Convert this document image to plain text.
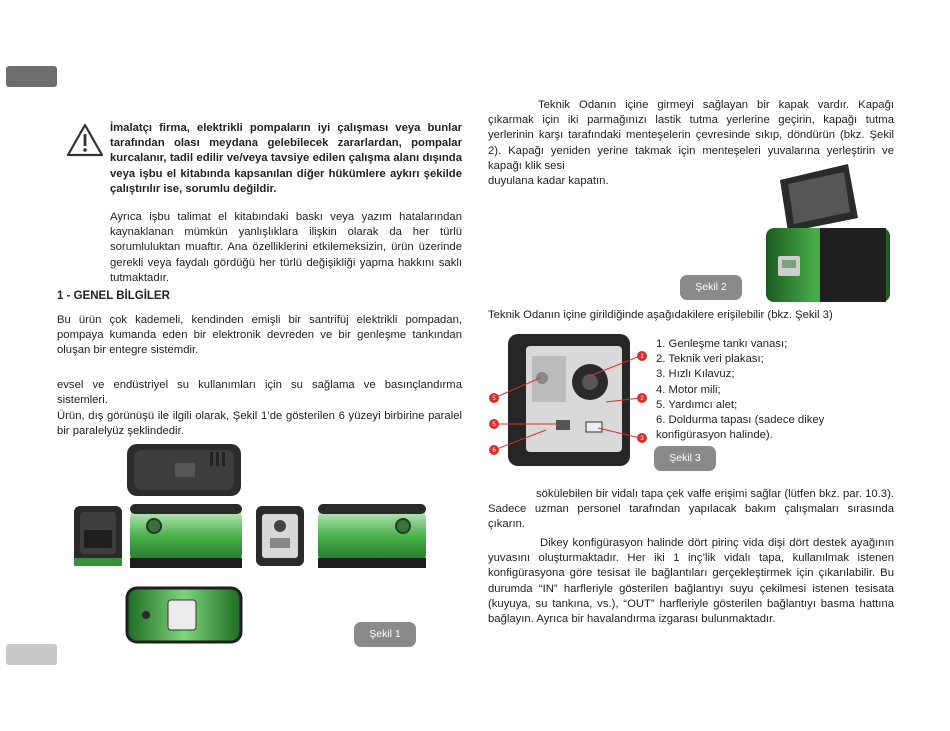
İmalatçı firma, elektrikli pompaların iyi çalışması veya bunlar tarafından olası meydana gelebilecek zararlardan, pompalar kurcalanır, tadil edilir ve/veya tavsiye edilen çalışma alanı dışında veya işbu el kitabında kapsanılan diğer hükümlere aykırı şekilde çalıştırılır ise, sorumlu değildir.
Ayrıca işbu talimat el kitabındaki baskı veya yazım hatalarından kaynaklanan mümkün yanlışlıklara ilişkin olarak da her türlü sorumluluktan muaftır. Ana özelliklerini etkilemeksizin, ürün üzerinde gerekli veya faydalı gördüğü her türlü değişikliği yapma hakkını saklı tutmaktadır.
1 - GENEL BİLGİLER

Bu ürün çok kademeli, kendinden emişli bir santrifüj elektrikli pompadan, pompaya kumanda eden bir elektronik devreden ve bir genleşme tankından oluşan bir entegre sistemdir.

evsel ve endüstriyel su kullanımları için su sağlama ve basınçlandırma sistemleri.

Ürün, dış görünüşü ile ilgili olarak, Şekil 1’de gösterilen 6 yüzeyi birbirine paralel bir paralelyüz şeklindedir.

Şekil 1

Teknik Odanın içine girmeyi sağlayan bir kapak vardır. Kapağı çıkarmak için iki parmağınızı lastik tutma yerlerine geçirin, kapağı tutma yerlerinin karşı tarafındaki menteşelerin çevresinde sıkıp, döndürün (bkz. Şekil 2). Kapağı yeniden yerine takmak için menteşeleri yuvalarına yerleştirin ve kapağı klik sesi

duyulana kadar kapatın.

Şekil 2

Teknik Odanın içine girildiğinde aşağıdakilere erişilebilir (bkz. Şekil 3)

5
5
6
1
2
3
1. Genleşme tankı vanası;
2. Teknik veri plakası;
3. Hızlı Kılavuz;
4. Motor mili;
5. Yardımcı alet;
6. Doldurma tapası (sadece dikey konfigürasyon halinde).
Şekil 3

sökülebilen bir vidalı tapa çek valfe erişimi sağlar (lütfen bkz. par. 10.3). Sadece uzman personel tarafından yapılacak bakım çalışmaları sırasında çıkarın.

Dikey konfigürasyon halinde dört pirinç vida dişi dört destek ayağının yuvasını oluşturmaktadır. Her iki 1 inç’lik vidalı tapa, kullanılmak istenen konfigürasyona göre tesisat ile bağlantıları gerçekleştirmek için çıkarılabilir. Bu durumda “IN” harfleriyle gösterilen bağlantıyı suyu çekilmesi istenen tesisata (kuyuya, su tankına, vs.), “OUT” harfleriyle gösterilen bağlantıyı basma hattına bağlayın. Ayrıca bir havalandırma izgarası bulunmaktadır.
